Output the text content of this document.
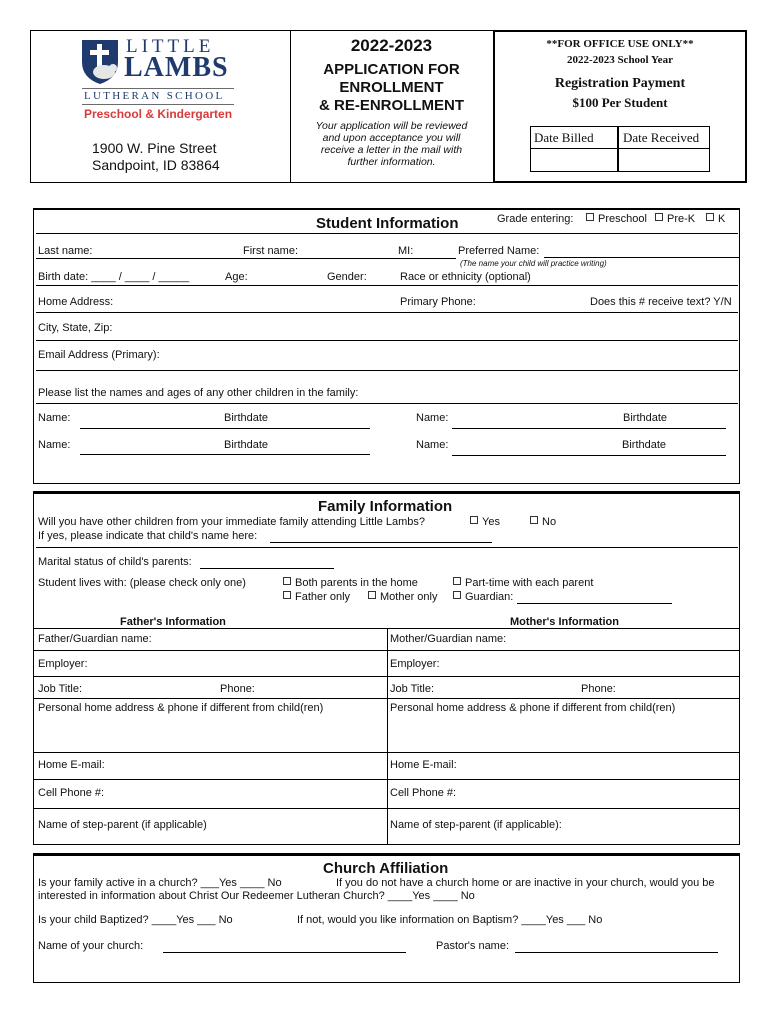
LITTLE
LAMBS
LUTHERAN SCHOOL
Preschool & Kindergarten
1900 W. Pine Street
Sandpoint, ID 83864
2022-2023
APPLICATION FOR
ENROLLMENT
& RE-ENROLLMENT
Your application will be reviewed
and upon acceptance you will
receive a letter in the mail with
further information.
**FOR OFFICE USE ONLY**
2022-2023 School Year
Registration Payment
$100 Per Student
Date Billed Date Received
Student Information	Grade entering:	Preschool	Pre-K	K
Last name:	First name:	MI:	Preferred Name:
(The name your child will practice writing)
Birth date: ____ / ____ / _____	Age:	Gender:	Race or ethnicity (optional)
Home Address:	Primary Phone:	Does this # receive text? Y/N
City, State, Zip:
Email Address (Primary):
Please list the names and ages of any other children in the family:
Name:	Birthdate	Name:	Birthdate
Name:	Birthdate	Name:	Birthdate
Family Information
Will you have other children from your immediate family attending Little Lambs?	Yes	No
If yes, please indicate that child's name here:
Marital status of child's parents:
Student lives with: (please check only one)	Both parents in the home
Father only	Mother only
Part-time with each parent
Guardian:
Father's Information	Mother's Information
Father/Guardian name:	Mother/Guardian name:
Employer:	Employer:
Job Title:	Phone:	Job Title:	Phone:
Personal home address & phone if different from child(ren)	Personal home address & phone if different from child(ren)
Home E-mail:	Home E-mail:
Cell Phone #:	Cell Phone #:
Name of step-parent (if applicable)	Name of step-parent (if applicable):
Church Affiliation
Is your family active in a church? ___Yes ____ No	If you do not have a church home or are inactive in your church, would you be
interested in information about Christ Our Redeemer Lutheran Church? ____Yes ____ No
Is your child Baptized? ____Yes ___ No	If not, would you like information on Baptism? ____Yes ___ No
Name of your church:	Pastor's name:
